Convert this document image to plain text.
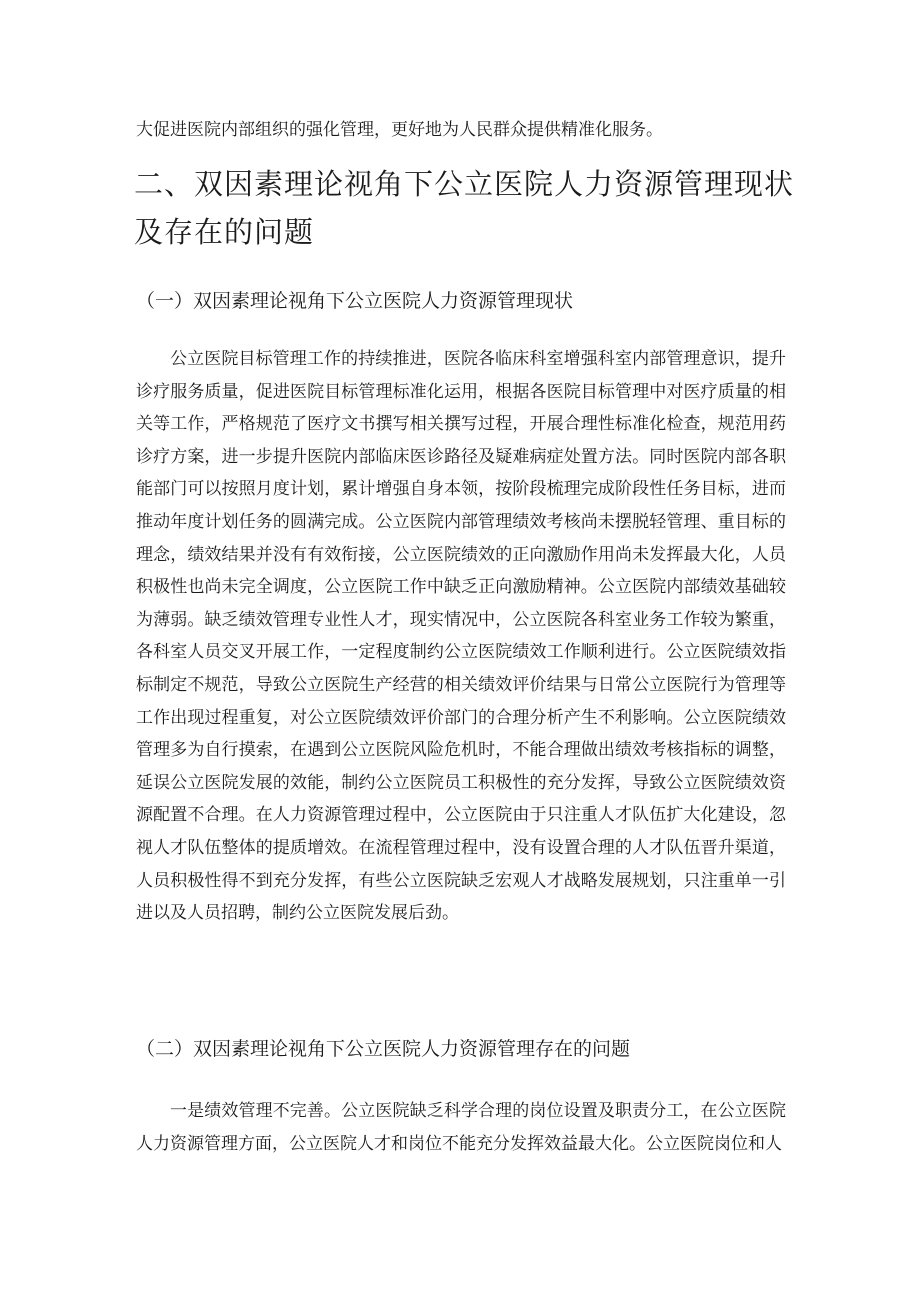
大促进医院内部组织的强化管理，更好地为人民群众提供精准化服务。

二、双因素理论视角下公立医院人力资源管理现状及存在的问题
（一）双因素理论视角下公立医院人力资源管理现状

公立医院目标管理工作的持续推进，医院各临床科室增强科室内部管理意识，提升诊疗服务质量，促进医院目标管理标准化运用，根据各医院目标管理中对医疗质量的相关等工作，严格规范了医疗文书撰写相关撰写过程，开展合理性标准化检查，规范用药诊疗方案，进一步提升医院内部临床医诊路径及疑难病症处置方法。同时医院内部各职能部门可以按照月度计划，累计增强自身本领，按阶段梳理完成阶段性任务目标，进而推动年度计划任务的圆满完成。公立医院内部管理绩效考核尚未摆脱轻管理、重目标的理念，绩效结果并没有有效衔接，公立医院绩效的正向激励作用尚未发挥最大化，人员积极性也尚未完全调度，公立医院工作中缺乏正向激励精神。公立医院内部绩效基础较为薄弱。缺乏绩效管理专业性人才，现实情况中，公立医院各科室业务工作较为繁重，各科室人员交叉开展工作，一定程度制约公立医院绩效工作顺利进行。公立医院绩效指标制定不规范，导致公立医院生产经营的相关绩效评价结果与日常公立医院行为管理等工作出现过程重复，对公立医院绩效评价部门的合理分析产生不利影响。公立医院绩效管理多为自行摸索，在遇到公立医院风险危机时，不能合理做出绩效考核指标的调整，延误公立医院发展的效能，制约公立医院员工积极性的充分发挥，导致公立医院绩效资源配置不合理。在人力资源管理过程中，公立医院由于只注重人才队伍扩大化建设，忽视人才队伍整体的提质增效。在流程管理过程中，没有设置合理的人才队伍晋升渠道，人员积极性得不到充分发挥，有些公立医院缺乏宏观人才战略发展规划，只注重单一引进以及人员招聘，制约公立医院发展后劲。

（二）双因素理论视角下公立医院人力资源管理存在的问题

一是绩效管理不完善。公立医院缺乏科学合理的岗位设置及职责分工，在公立医院人力资源管理方面，公立医院人才和岗位不能充分发挥效益最大化。公立医院岗位和人
